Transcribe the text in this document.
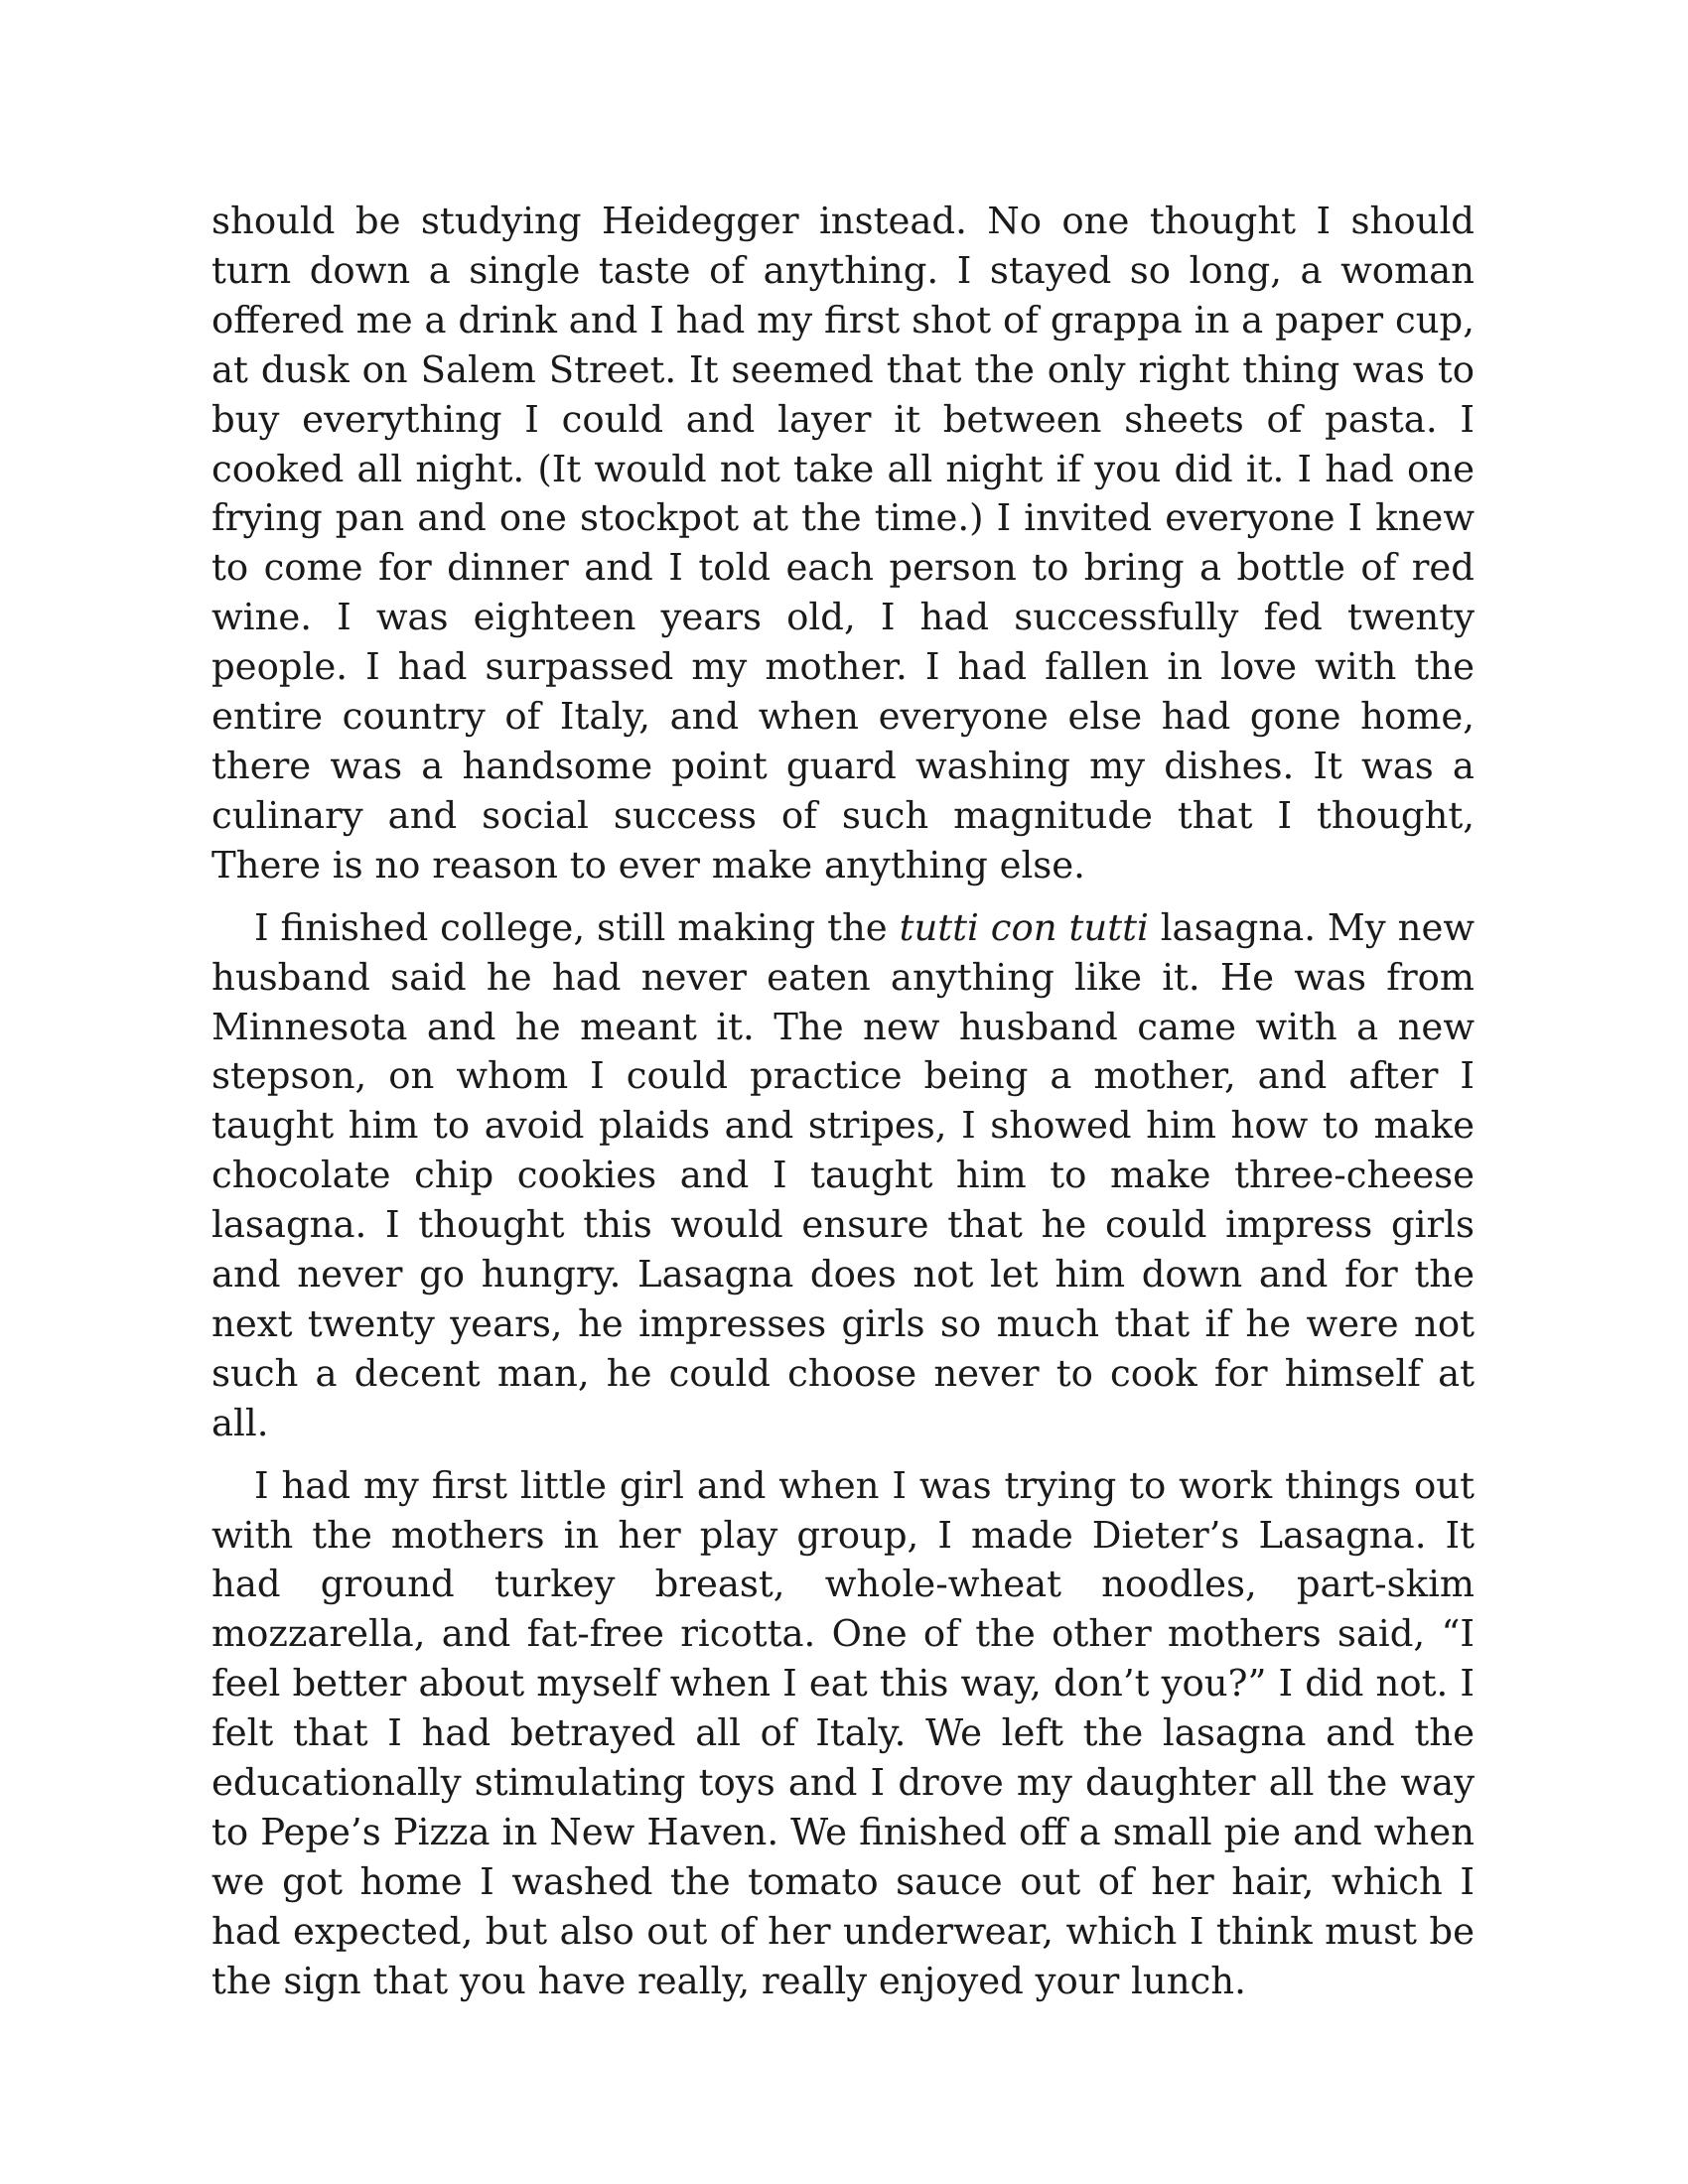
should be studying Heidegger instead. No one thought I should turn down a single taste of anything. I stayed so long, a woman offered me a drink and I had my first shot of grappa in a paper cup, at dusk on Salem Street. It seemed that the only right thing was to buy everything I could and layer it between sheets of pasta. I cooked all night. (It would not take all night if you did it. I had one frying pan and one stockpot at the time.) I invited everyone I knew to come for dinner and I told each person to bring a bottle of red wine. I was eighteen years old, I had successfully fed twenty people. I had surpassed my mother. I had fallen in love with the entire country of Italy, and when everyone else had gone home, there was a handsome point guard washing my dishes. It was a culinary and social success of such magnitude that I thought, There is no reason to ever make anything else.

I finished college, still making the tutti con tutti lasagna. My new husband said he had never eaten anything like it. He was from Minnesota and he meant it. The new husband came with a new stepson, on whom I could practice being a mother, and after I taught him to avoid plaids and stripes, I showed him how to make chocolate chip cookies and I taught him to make three-cheese lasagna. I thought this would ensure that he could impress girls and never go hungry. Lasagna does not let him down and for the next twenty years, he impresses girls so much that if he were not such a decent man, he could choose never to cook for himself at all.

I had my first little girl and when I was trying to work things out with the mothers in her play group, I made Dieter’s Lasagna. It had ground turkey breast, whole-wheat noodles, part-skim mozzarella, and fat-free ricotta. One of the other mothers said, “I feel better about myself when I eat this way, don’t you?” I did not. I felt that I had betrayed all of Italy. We left the lasagna and the educationally stimulating toys and I drove my daughter all the way to Pepe’s Pizza in New Haven. We finished off a small pie and when we got home I washed the tomato sauce out of her hair, which I had expected, but also out of her underwear, which I think must be the sign that you have really, really enjoyed your lunch.
